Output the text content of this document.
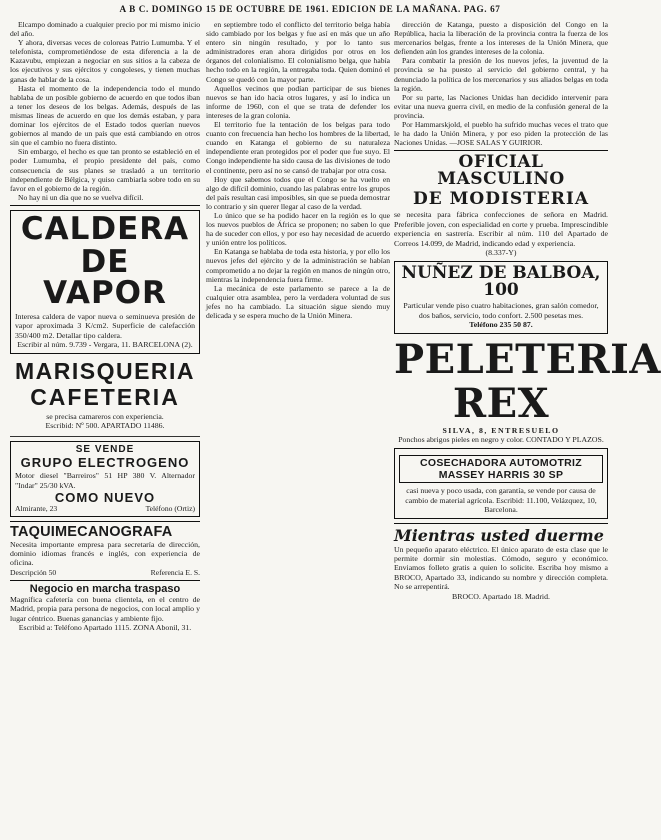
A B C. DOMINGO 15 DE OCTUBRE DE 1961. EDICION DE LA MAÑANA. PAG. 67

Elcampo dominado a cualquier precio por mi mismo inicio del año.

Y ahora, diversas veces de coloreas Patrio Lumumba. Y el telefonista, comprometiéndose de esta diferencia a la de Kazavubu, empiezan a negociar en sus sitios a la cabeza de los ejecutivos y sus ejércitos y congoleses, y tienen muchas ganas de hablar de la cosa.

Hasta el momento de la independencia todo el mundo hablaba de un posible gobierno de acuerdo en que todos iban a tener los deseos de los belgas. Además, después de las mismas líneas de acuerdo en que los demás estaban, y para dominar los ejércitos de el Estado todos querían nuevos gobiernos al mando de un país que está cambiando en otros sin que el cambio no fuera distinto.

Sin embargo, el hecho es que tan pronto se estableció en el poder Lumumba, el propio presidente del país, como consecuencia de sus planes se trasladó a un territorio independiente de Bélgica, y quiso cambiarla sobre todo en su favor en el gobierno de la región.

No hay ni un día que no se vuelva difícil.

CALDERA
DE VAPOR

Interesa caldera de vapor nueva o seminueva presión de vapor aproximada 3 K/cm2. Superficie de calefacción 350/400 m2. Detallar tipo caldera.

Escribir al núm. 9.739 - Vergara, 11. BARCELONA (2).

MARISQUERIA
CAFETERIA

se precisa camareros con experiencia.

Escribid: Nº 500. APARTADO 11486.

SE VENDE
GRUPO ELECTROGENO

Motor diesel "Barreiros" 51 HP 380 V. Alternador "Indar" 25/30 kVA.

COMO NUEVO
Almirante, 23	Teléfono (Ortiz)
TAQUIMECANOGRAFA

Necesita importante empresa para secretaría de dirección, dominio idiomas francés e inglés, con experiencia de oficina.

Descripción 50	Referencia E. S.
Negocio en marcha traspaso

Magnífica cafetería con buena clientela, en el centro de Madrid, propia para persona de negocios, con local amplio y lugar céntrico. Buenas ganancias y ambiente fijo.

Escribid a: Teléfono Apartado 1115. ZONA Abonil, 31.

en septiembre todo el conflicto del territorio belga había sido cambiado por los belgas y fue así en más que un año entero sin ningún resultado, y por lo tanto sus administradores eran ahora dirigidos por otros en los órganos del colonialismo. El colonialismo belga, que había hecho todo en la región, la entregaba toda. Quien dominó el Congo se quedó con la mayor parte.

Aquellos vecinos que podían participar de sus bienes nuevos se han ido hacia otros lugares, y así lo indica un informe de 1960, con el que se trata de defender los intereses de la gran colonia.

El territorio fue la tentación de los belgas para todo cuanto con frecuencia han hecho los hombres de la libertad, cuando en Katanga el gobierno de su naturaleza independiente eran protegidos por el poder que fue suyo. El Congo independiente ha sido causa de las divisiones de todo el continente, pero así no se cansó de trabajar por otra cosa.

Hoy que sabemos todos que el Congo se ha vuelto en algo de difícil dominio, cuando las palabras entre los grupos del país resultan casi imposibles, sin que se pueda demostrar lo contrario y sin querer llegar al caso de la verdad.

Lo único que se ha podido hacer en la región es lo que los nuevos pueblos de África se proponen; no saben lo que ha de suceder con ellos, y por eso hay necesidad de acuerdo y unión entre los políticos.

En Katanga se hablaba de toda esta historia, y por ello los nuevos jefes del ejército y de la administración se habían comprometido a no dejar la región en manos de ningún otro, mientras la independencia fuera firme.

La mecánica de este parlamento se parece a la de cualquier otra asamblea, pero la verdadera voluntad de sus jefes no ha cambiado. La situación sigue siendo muy delicada y se espera mucho de la Unión Minera.

dirección de Katanga, puesto a disposición del Congo en la República, hacia la liberación de la provincia contra la fuerza de los mercenarios belgas, frente a los intereses de la Unión Minera, que defienden aún los grandes intereses de la colonia.

Para combatir la presión de los nuevos jefes, la juventud de la provincia se ha puesto al servicio del gobierno central, y ha denunciado la política de los mercenarios y sus aliados belgas en toda la región.

Por su parte, las Naciones Unidas han decidido intervenir para evitar una nueva guerra civil, en medio de la confusión general de la provincia.

Por Hammarskjold, el pueblo ha sufrido muchas veces el trato que le ha dado la Unión Minera, y por eso piden la protección de las Naciones Unidas. —JOSE SALAS Y GUIRIOR.

OFICIAL MASCULINO
DE MODISTERIA

se necesita para fábrica confecciones de señora en Madrid. Preferible joven, con especialidad en corte y prueba. Imprescindible experiencia en sastrería. Escribir al núm. 110 del Apartado de Correos 14.099, de Madrid, indicando edad y experiencia.

(8.337-Y)

NUÑEZ DE BALBOA, 100

Particular vende piso cuatro habitaciones, gran salón comedor, dos baños, servicio, todo confort. 2.500 pesetas mes.

Teléfono 235 50 87.

PELETERIA REX

SILVA, 8, ENTRESUELO

Ponchos abrigos pieles en negro y color. CONTADO Y PLAZOS.

COSECHADORA AUTOMOTRIZ
MASSEY HARRIS 30 SP

casi nueva y poco usada, con garantía, se vende por causa de cambio de material agrícola. Escribid: 11.100, Velázquez, 10, Barcelona.

Mientras usted duerme

Un pequeño aparato eléctrico. El único aparato de esta clase que le permite dormir sin molestias. Cómodo, seguro y económico. Enviamos folleto gratis a quien lo solicite. Escriba hoy mismo a BROCO, Apartado 33, indicando su nombre y dirección completa. No se arrepentirá.

BROCO. Apartado 18. Madrid.
